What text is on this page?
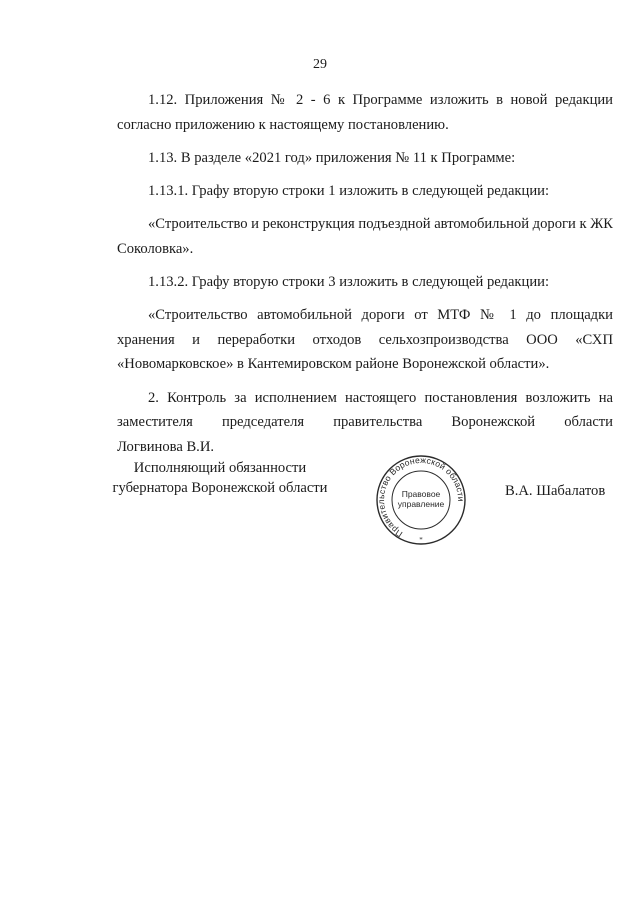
29

1.12. Приложения № 2 - 6 к Программе изложить в новой редакции согласно приложению к настоящему постановлению.

1.13. В разделе «2021 год» приложения № 11 к Программе:

1.13.1. Графу вторую строки 1 изложить в следующей редакции:

«Строительство и реконструкция подъездной автомобильной дороги к ЖК Соколовка».

1.13.2. Графу вторую строки 3 изложить в следующей редакции:

«Строительство автомобильной дороги от МТФ № 1 до площадки хранения и переработки отходов сельхозпроизводства ООО «СХП «Новомарковское» в Кантемировском районе Воронежской области».

2. Контроль за исполнением настоящего постановления возложить на

заместителя председателя правительства Воронежской области

Логвинова В.И.

Исполняющий обязанности
губернатора Воронежской области
Правительство Воронежской области
Правовое
управление
*
В.А. Шабалатов
